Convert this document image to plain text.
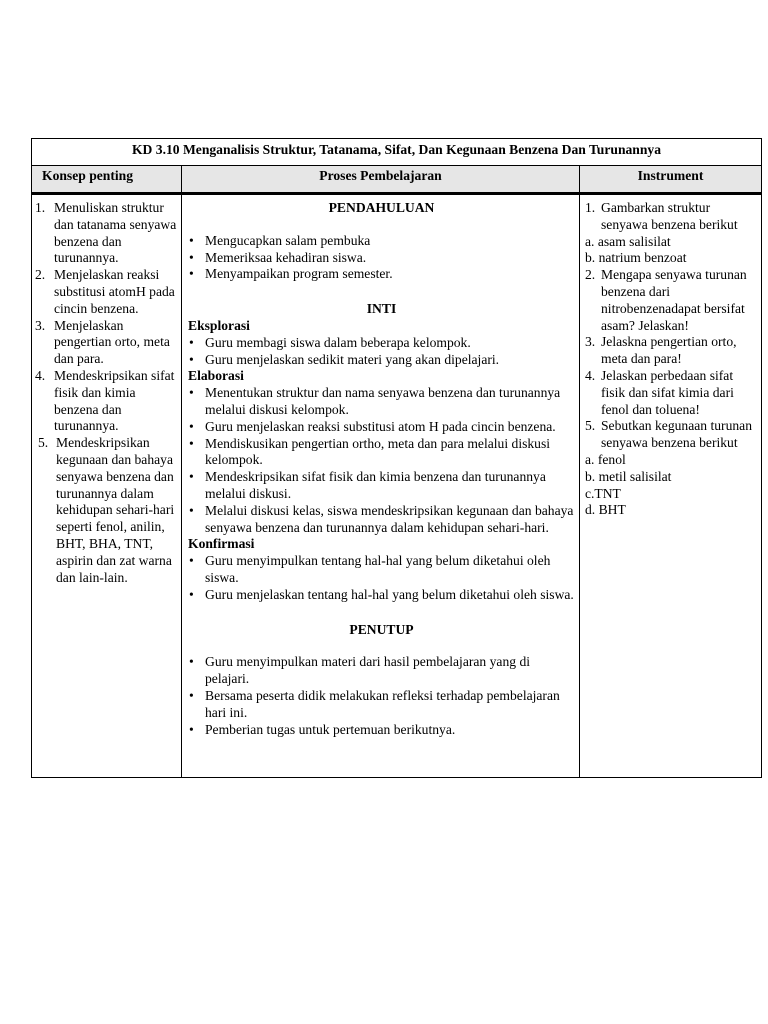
KD 3.10 Menganalisis Struktur, Tatanama, Sifat, Dan Kegunaan Benzena Dan Turunannya
Konsep penting	Proses Pembelajaran	Instrument
1. Menuliskan struktur dan tatanama senyawa benzena dan turunannya.
2. Menjelaskan reaksi substitusi atomH pada cincin benzena.
3. Menjelaskan pengertian orto, meta dan para.
4. Mendeskripsikan sifat fisik dan kimia benzena dan turunannya.
5. Mendeskripsikan kegunaan dan bahaya senyawa benzena dan turunannya dalam kehidupan sehari-hari seperti fenol, anilin, BHT, BHA, TNT, aspirin dan zat warna dan lain-lain.
PENDAHULUAN
• Mengucapkan salam pembuka
• Memeriksaa kehadiran siswa.
• Menyampaikan program semester.
INTI
Eksplorasi
• Guru membagi siswa dalam beberapa kelompok.
• Guru menjelaskan sedikit materi yang akan dipelajari.
Elaborasi
• Menentukan struktur dan nama senyawa benzena dan turunannya melalui diskusi kelompok.
• Guru menjelaskan reaksi substitusi atom H pada cincin benzena.
• Mendiskusikan pengertian ortho, meta dan para melalui diskusi kelompok.
• Mendeskripsikan sifat fisik dan kimia benzena dan turunannya melalui diskusi.
• Melalui diskusi kelas, siswa mendeskripsikan kegunaan dan bahaya senyawa benzena dan turunannya dalam kehidupan sehari-hari.
Konfirmasi
• Guru menyimpulkan tentang hal-hal yang belum diketahui oleh siswa.
• Guru menjelaskan tentang hal-hal yang belum diketahui oleh siswa.
PENUTUP
• Guru menyimpulkan materi dari hasil pembelajaran yang di pelajari.
• Bersama peserta didik melakukan refleksi terhadap pembelajaran hari ini.
• Pemberian tugas untuk pertemuan berikutnya.
1. Gambarkan struktur senyawa benzena berikut
a. asam salisilat
b. natrium benzoat
2. Mengapa senyawa turunan benzena dari nitrobenzenadapat bersifat asam? Jelaskan!
3. Jelaskna pengertian orto, meta dan para!
4. Jelaskan perbedaan sifat fisik dan sifat kimia dari fenol dan toluena!
5. Sebutkan kegunaan turunan senyawa benzena berikut
a. fenol
b. metil salisilat
c.TNT
d. BHT
